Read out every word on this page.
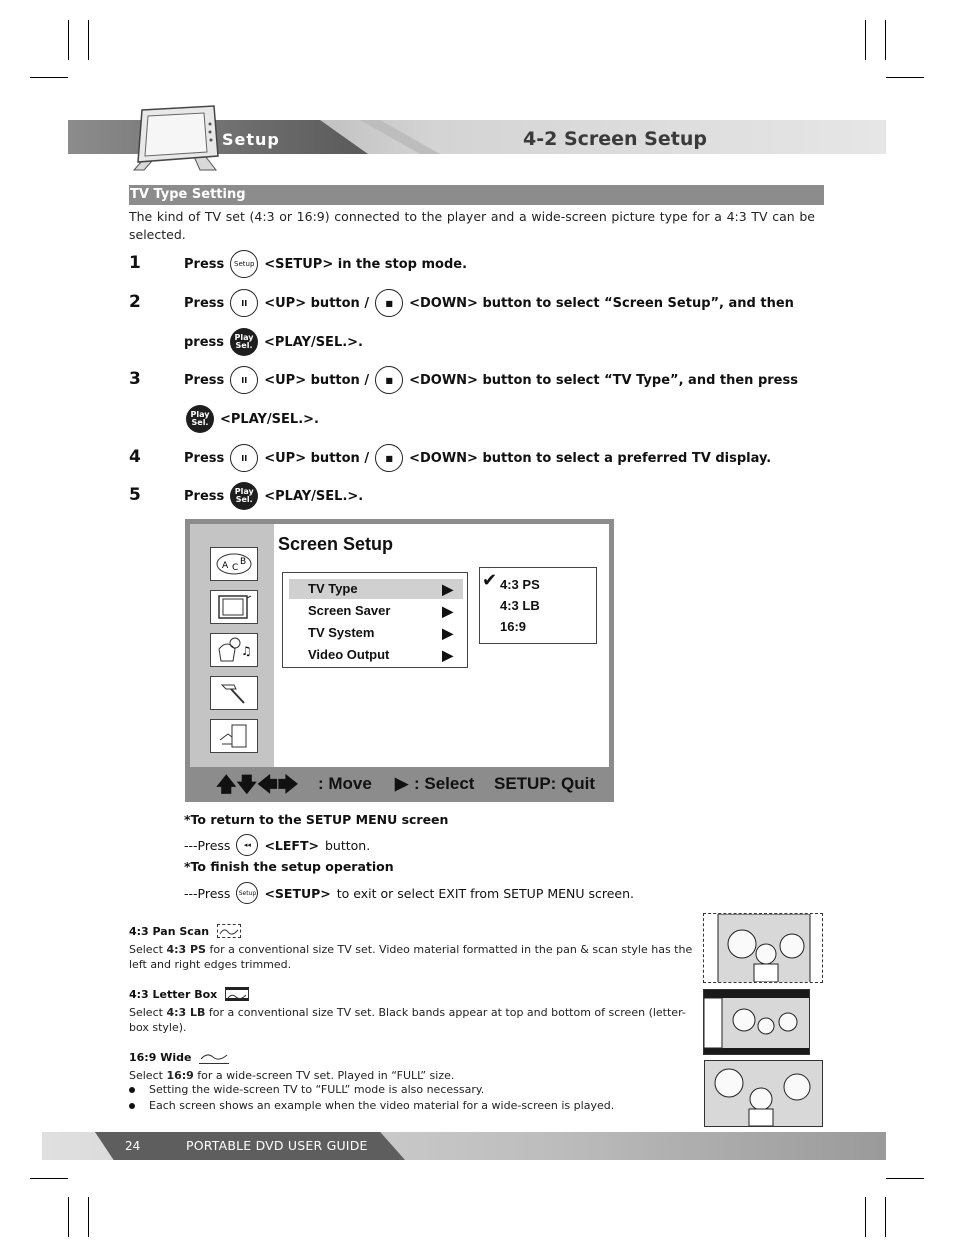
Setup	4-2 Screen Setup
TV Type Setting
The kind of TV set (4:3 or 16:9) connected to the player and a wide-screen picture type for a 4:3 TV can be selected.
1	Press	Setup <SETUP> in the stop mode.
2	Press	II	<UP> button /	■	<DOWN> button to select “Screen Setup”, and then
press Play
Sel. <PLAY/SEL.>.
3	Press	II	<UP> button /	■	<DOWN> button to select “TV Type”, and then press
Play
Sel. <PLAY/SEL.>.
4	Press	II	<UP> button /	■	<DOWN> button to select a preferred TV display.
5	Press Play
Sel. <PLAY/SEL.>.
A C
B
♫
Screen Setup
TV Type	▶
Screen Saver	▶
TV System	▶
Video Output	▶
✔ 4:3 PS
4:3 LB
16:9
🡅🡇🡄🡆 : Move ▶ : Select SETUP: Quit
*To return to the SETUP MENU screen
---Press	◂◂	<LEFT> button.
*To finish the setup operation
---Press	Setup <SETUP> to exit or select EXIT from SETUP MENU screen.
4:3 Pan Scan
Select 4:3 PS for a conventional size TV set. Video material formatted in the pan & scan style has the left and right edges trimmed.
4:3 Letter Box
Select 4:3 LB for a conventional size TV set. Black bands appear at top and bottom of screen (letter-box style).
16:9 Wide
Select 16:9 for a wide-screen TV set. Played in “FULL” size.
Setting the wide-screen TV to “FULL” mode is also necessary.
Each screen shows an example when the video material for a wide-screen is played.
24	PORTABLE DVD USER GUIDE
